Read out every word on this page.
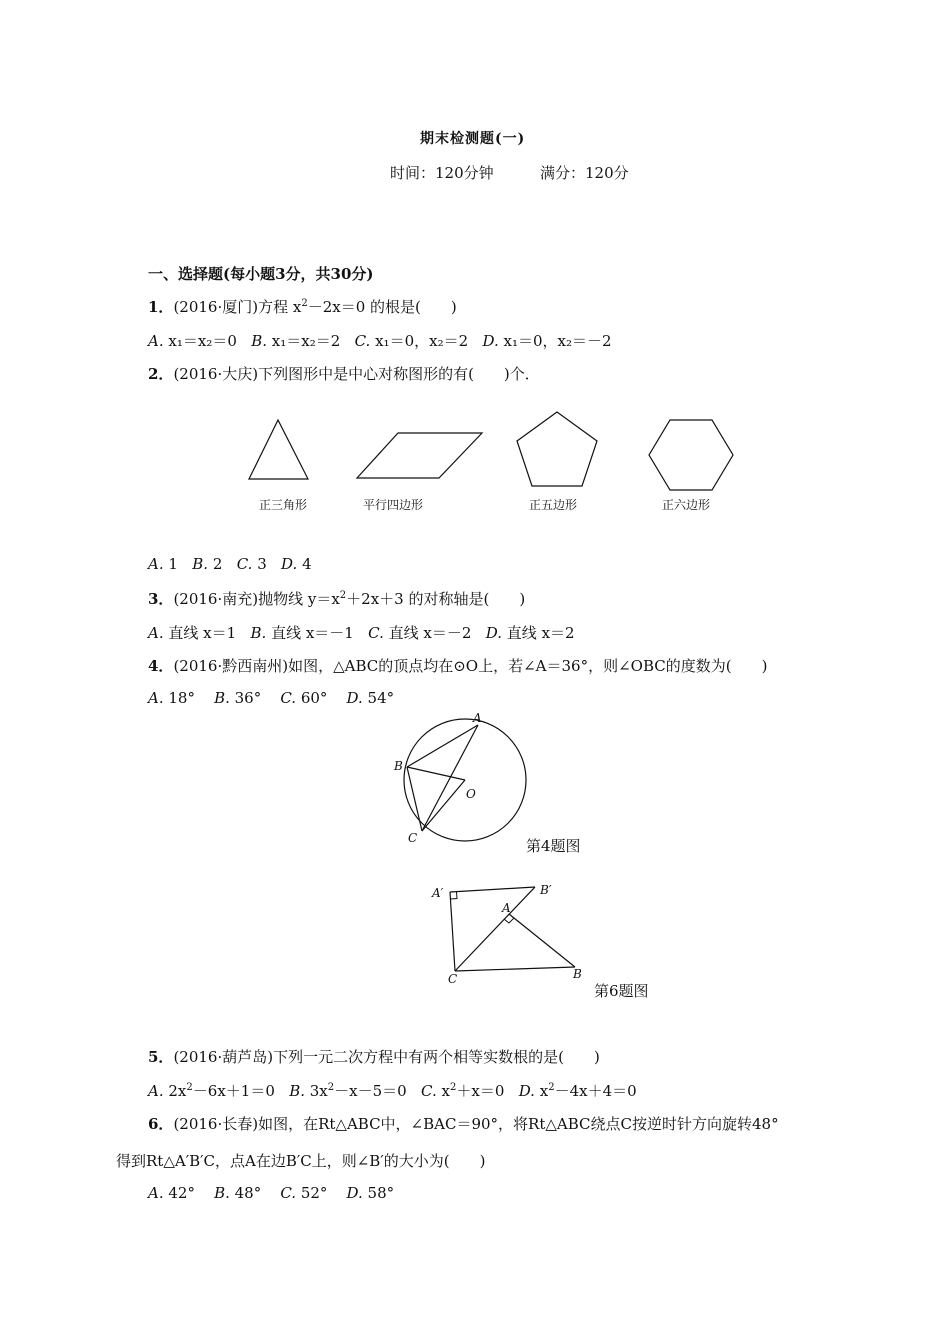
期末检测题(一)
时间：120分钟	满分：120分
一、选择题(每小题3分，共30分)
1．(2016·厦门)方程 $x^2-2x=0$ 的根是(　　)
A. x₁＝x₂＝0 B. x₁＝x₂＝2 C. x₁＝0，x₂＝2 D. x₁＝0，x₂＝－2
2．(2016·大庆)下列图形中是中心对称图形的有(　　)个．
正三角形	平行四边形	正五边形	正六边形
A. 1 B. 2 C. 3 D. 4
3．(2016·南充)抛物线 $y=x^2+2x+3$ 的对称轴是(　　)
A. 直线 x＝1 B. 直线 x＝－1 C. 直线 x＝－2 D. 直线 x＝2
4．(2016·黔西南州)如图，△ABC的顶点均在⊙O上，若∠A＝36°，则∠OBC的度数为(　　)
A. 18° B. 36° C. 60° D. 54°
A
B
C
O
第4题图
A′	B′
A
C	B
第6题图
5．(2016·葫芦岛)下列一元二次方程中有两个相等实数根的是(　　)
A. $2x^2-6x+1=0$ B. $3x^2-x-5=0$ C. $x^2+x=0$ D. $x^2-4x+4=0$
6．(2016·长春)如图，在Rt△ABC中，∠BAC＝90°，将Rt△ABC绕点C按逆时针方向旋转48°
得到Rt△A′B′C，点A在边B′C上，则∠B′的大小为(　　)
A. 42° B. 48° C. 52° D. 58°
